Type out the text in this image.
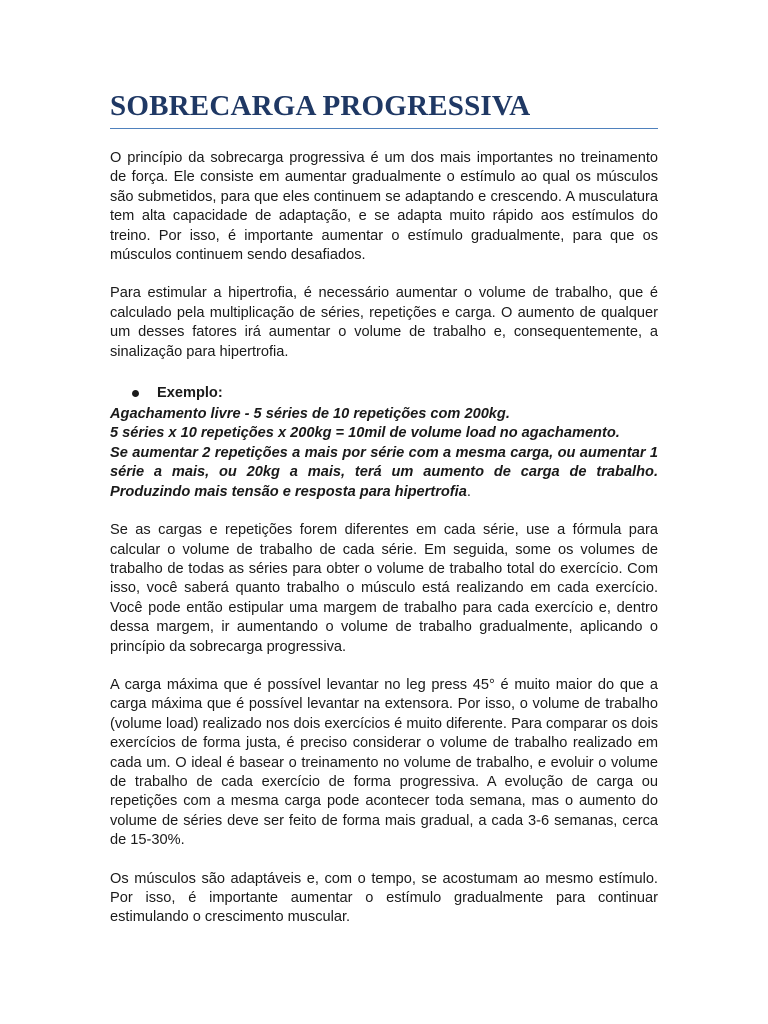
SOBRECARGA PROGRESSIVA

O princípio da sobrecarga progressiva é um dos mais importantes no treinamento de força. Ele consiste em aumentar gradualmente o estímulo ao qual os músculos são submetidos, para que eles continuem se adaptando e crescendo. A musculatura tem alta capacidade de adaptação, e se adapta muito rápido aos estímulos do treino. Por isso, é importante aumentar o estímulo gradualmente, para que os músculos continuem sendo desafiados.

Para estimular a hipertrofia, é necessário aumentar o volume de trabalho, que é calculado pela multiplicação de séries, repetições e carga. O aumento de qualquer um desses fatores irá aumentar o volume de trabalho e, consequentemente, a sinalização para hipertrofia.

Exemplo:

Agachamento livre - 5 séries de 10 repetições com 200kg.
5 séries x 10 repetições x 200kg = 10mil de volume load no agachamento.
Se aumentar 2 repetições a mais por série com a mesma carga, ou aumentar 1 série a mais, ou 20kg a mais, terá um aumento de carga de trabalho. Produzindo mais tensão e resposta para hipertrofia.

Se as cargas e repetições forem diferentes em cada série, use a fórmula para calcular o volume de trabalho de cada série. Em seguida, some os volumes de trabalho de todas as séries para obter o volume de trabalho total do exercício. Com isso, você saberá quanto trabalho o músculo está realizando em cada exercício. Você pode então estipular uma margem de trabalho para cada exercício e, dentro dessa margem, ir aumentando o volume de trabalho gradualmente, aplicando o princípio da sobrecarga progressiva.

A carga máxima que é possível levantar no leg press 45° é muito maior do que a carga máxima que é possível levantar na extensora. Por isso, o volume de trabalho (volume load) realizado nos dois exercícios é muito diferente. Para comparar os dois exercícios de forma justa, é preciso considerar o volume de trabalho realizado em cada um. O ideal é basear o treinamento no volume de trabalho, e evoluir o volume de trabalho de cada exercício de forma progressiva. A evolução de carga ou repetições com a mesma carga pode acontecer toda semana, mas o aumento do volume de séries deve ser feito de forma mais gradual, a cada 3-6 semanas, cerca de 15-30%.

Os músculos são adaptáveis e, com o tempo, se acostumam ao mesmo estímulo. Por isso, é importante aumentar o estímulo gradualmente para continuar estimulando o crescimento muscular.
